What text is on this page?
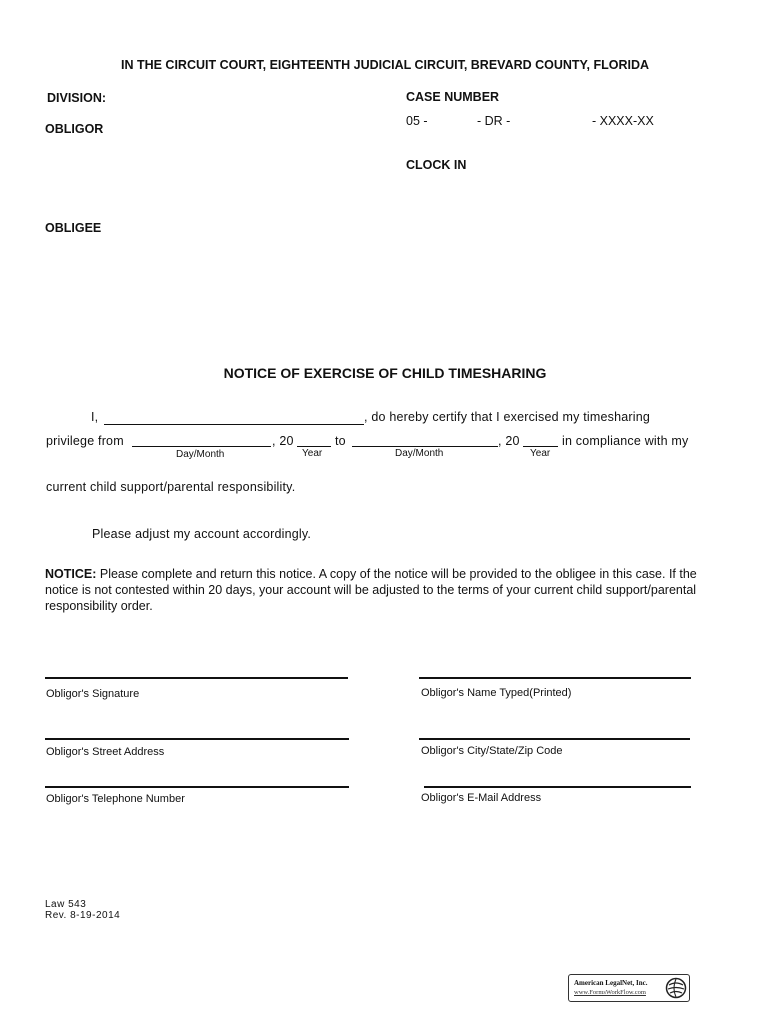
IN THE CIRCUIT COURT, EIGHTEENTH JUDICIAL CIRCUIT, BREVARD COUNTY, FLORIDA
DIVISION:
OBLIGOR
OBLIGEE
CASE NUMBER
05 -	- DR -	- XXXX-XX
CLOCK IN
NOTICE OF EXERCISE OF CHILD TIMESHARING
I,	, do hereby certify that I exercised my timesharing
privilege from	, 20	to	, 20	in compliance with my
Day/Month	Year	Day/Month	Year
current child support/parental responsibility.
Please adjust my account accordingly.
NOTICE: Please complete and return this notice. A copy of the notice will be provided to the obligee in this case. If the notice is not contested within 20 days, your account will be adjusted to the terms of your current child support/parental responsibility order.
Obligor's Signature	Obligor's Name Typed(Printed)
Obligor's Street Address	Obligor's City/State/Zip Code
Obligor's Telephone Number	Obligor's E-Mail Address
Law 543
Rev. 8-19-2014
American LegalNet, Inc.
www.FormsWorkFlow.com
